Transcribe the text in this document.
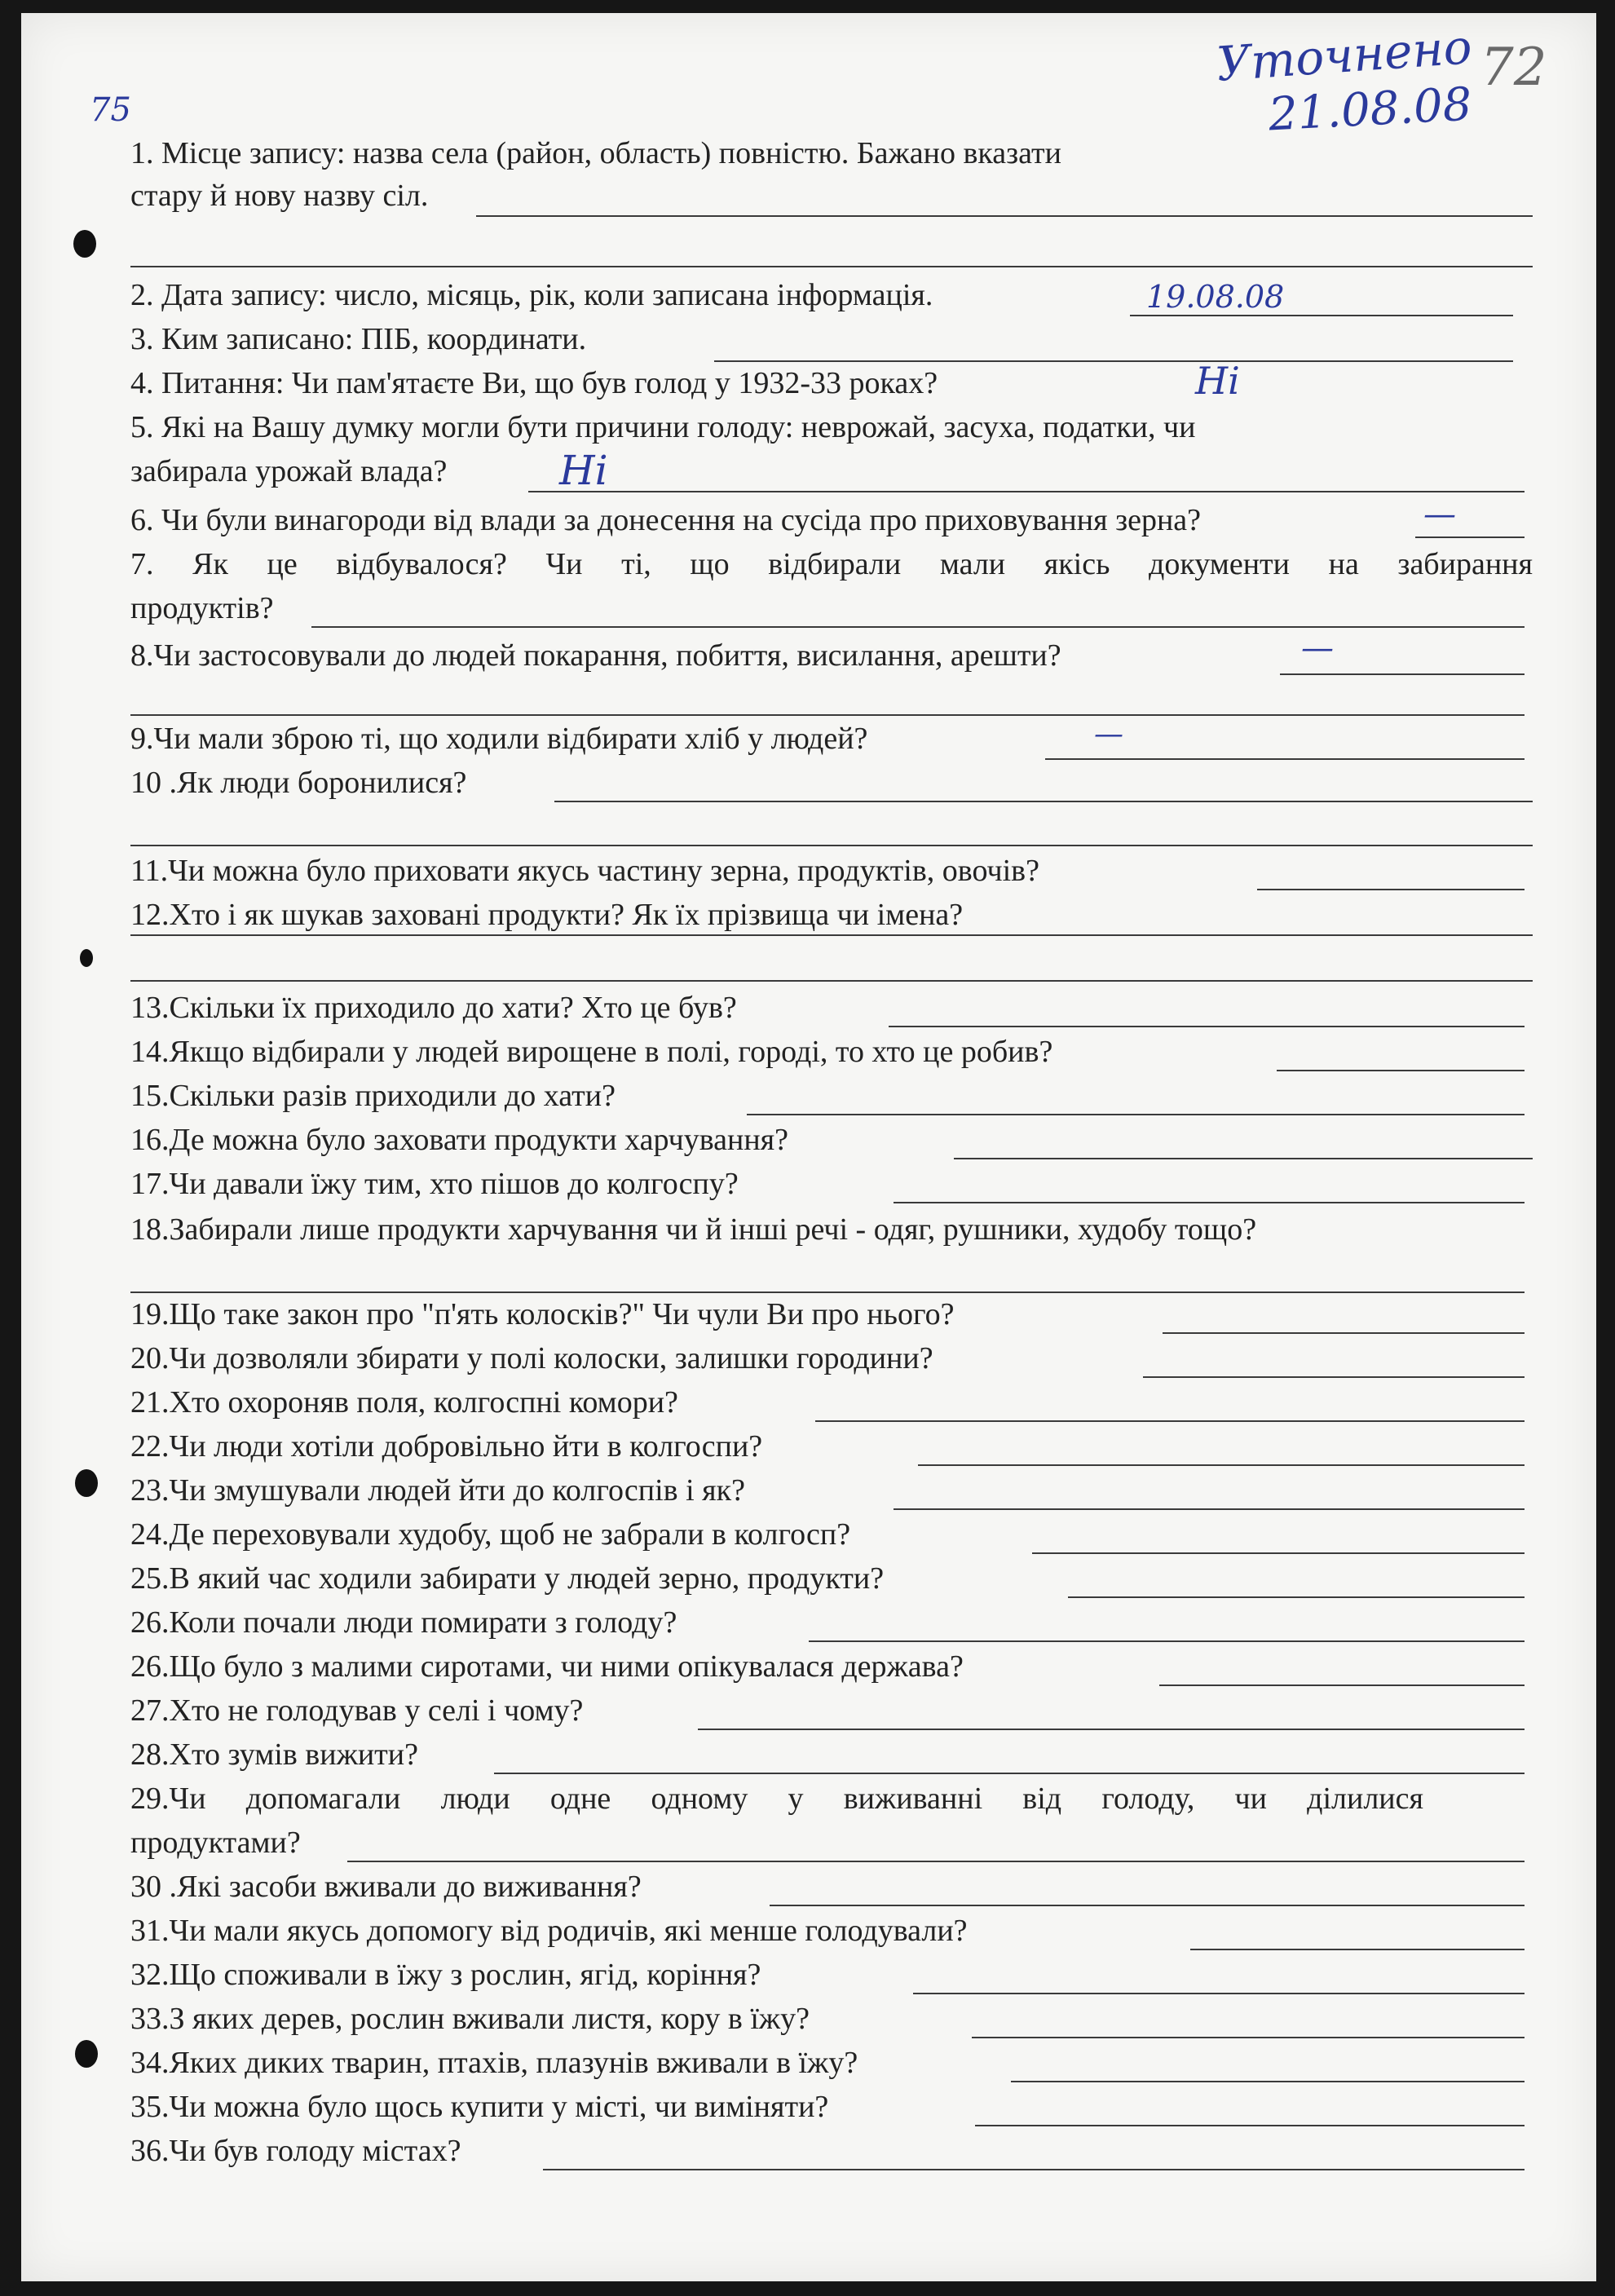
75
Уточнено
21.08.08
72
1. Місце запису: назва села (район, область) повністю. Бажано вказати
стару й нову назву сіл.
2. Дата запису: число, місяць, рік, коли записана інформація.	19.08.08
3. Ким записано: ПІБ, координати.
4. Питання: Чи пам'ятаєте Ви, що був голод у 1932-33 роках?	Ні
5. Які на Вашу думку могли бути причини голоду: неврожай, засуха, податки, чи
забирала урожай влада?	Ні
6. Чи були винагороди від влади за донесення на сусіда про приховування зерна?	—
7. Як це відбувалося? Чи ті, що відбирали мали якісь документи на забирання
продуктів?
8.Чи застосовували до людей покарання, побиття, висилання, арешти?	—
9.Чи мали зброю ті, що ходили відбирати хліб у людей?	—
10 .Як люди боронилися?
11.Чи можна було приховати якусь частину зерна, продуктів, овочів?
12.Хто і як шукав заховані продукти? Як їх прізвища чи імена?
13.Скільки їх приходило до хати? Хто це був?
14.Якщо відбирали у людей вирощене в полі, городі, то хто це робив?
15.Скільки разів приходили до хати?
16.Де можна було заховати продукти харчування?
17.Чи давали їжу тим, хто пішов до колгоспу?
18.Забирали лише продукти харчування чи й інші речі - одяг, рушники, худобу тощо?
19.Що таке закон про "п'ять колосків?" Чи чули Ви про нього?
20.Чи дозволяли збирати у полі колоски, залишки городини?
21.Хто охороняв поля, колгоспні комори?
22.Чи люди хотіли добровільно йти в колгоспи?
23.Чи змушували людей йти до колгоспів і як?
24.Де переховували худобу, щоб не забрали в колгосп?
25.В який час ходили забирати у людей зерно, продукти?
26.Коли почали люди помирати з голоду?
26.Що було з малими сиротами, чи ними опікувалася держава?
27.Хто не голодував у селі і чому?
28.Хто зумів вижити?
29.Чи допомагали люди одне одному у виживанні від голоду, чи ділилися
продуктами?
30 .Які засоби вживали до виживання?
31.Чи мали якусь допомогу від родичів, які менше голодували?
32.Що споживали в їжу з рослин, ягід, коріння?
33.З яких дерев, рослин вживали листя, кору в їжу?
34.Яких диких тварин, птахів, плазунів вживали в їжу?
35.Чи можна було щось купити у місті, чи виміняти?
36.Чи був голоду містах?
